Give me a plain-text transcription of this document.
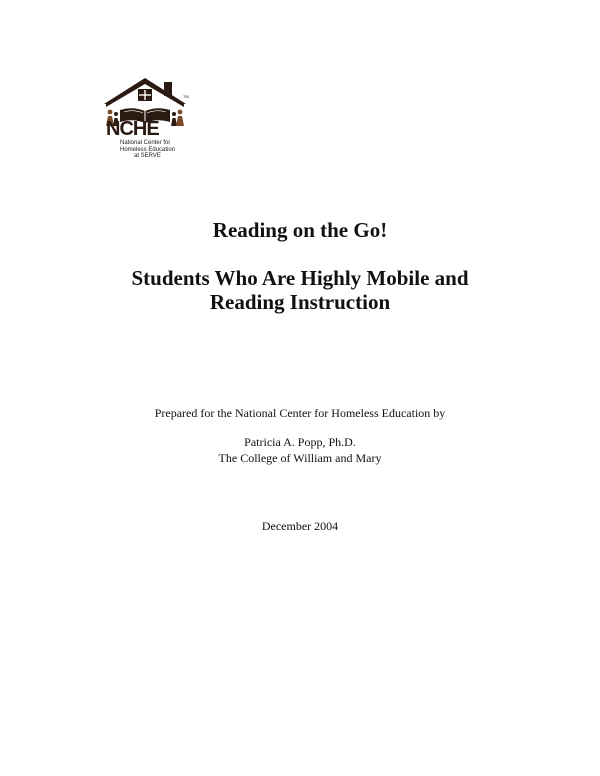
TM
NCHE
National Center for
Homeless Education
at SERVE
Reading on the Go!
Students Who Are Highly Mobile and
Reading Instruction
Prepared for the National Center for Homeless Education by
Patricia A. Popp, Ph.D.
The College of William and Mary
December 2004
